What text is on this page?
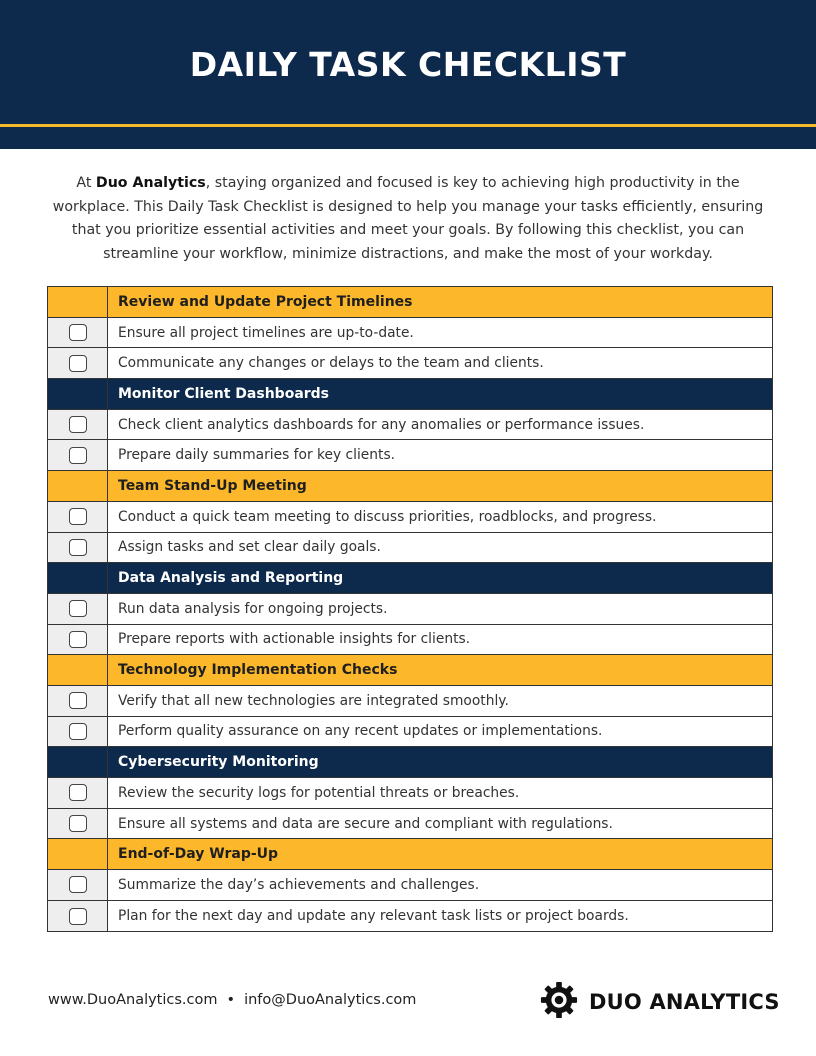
DAILY TASK CHECKLIST
At Duo Analytics, staying organized and focused is key to achieving high productivity in the workplace. This Daily Task Checklist is designed to help you manage your tasks efficiently, ensuring that you prioritize essential activities and meet your goals. By following this checklist, you can streamline your workflow, minimize distractions, and make the most of your workday.
Review and Update Project Timelines
Ensure all project timelines are up-to-date.
Communicate any changes or delays to the team and clients.
Monitor Client Dashboards
Check client analytics dashboards for any anomalies or performance issues.
Prepare daily summaries for key clients.
Team Stand-Up Meeting
Conduct a quick team meeting to discuss priorities, roadblocks, and progress.
Assign tasks and set clear daily goals.
Data Analysis and Reporting
Run data analysis for ongoing projects.
Prepare reports with actionable insights for clients.
Technology Implementation Checks
Verify that all new technologies are integrated smoothly.
Perform quality assurance on any recent updates or implementations.
Cybersecurity Monitoring
Review the security logs for potential threats or breaches.
Ensure all systems and data are secure and compliant with regulations.
End-of-Day Wrap-Up
Summarize the day’s achievements and challenges.
Plan for the next day and update any relevant task lists or project boards.
www.DuoAnalytics.com • info@DuoAnalytics.com	DUO ANALYTICS
